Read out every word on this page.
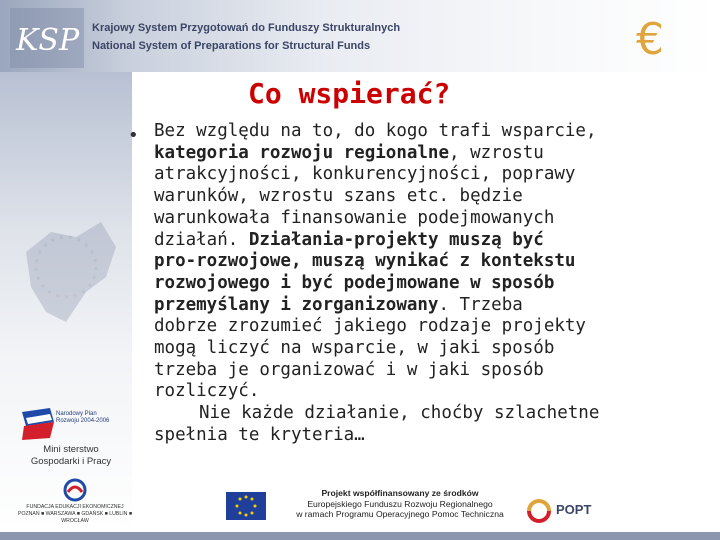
KSP Krajowy System Przygotowań do Funduszy Strukturalnych
National System of Preparations for Structural Funds	€
Narodowy Plan
Rozwoju 2004-2006
Mini sterstwo
Gospodarki i Pracy
FUNDACJA EDUKACJI EKONOMICZNEJ
POZNAŃ ■ WARSZAWA ■ GDAŃSK ■ LUBLIN ■ WROCŁAW
Co wspierać?
• Bez względu na to, do kogo trafi wsparcie,
kategoria rozwoju regionalne, wzrostu
atrakcyjności, konkurencyjności, poprawy
warunków, wzrostu szans etc. będzie
warunkowała finansowanie podejmowanych
działań. Działania-projekty muszą być
pro-rozwojowe, muszą wynikać z kontekstu
rozwojowego i być podejmowane w sposób
przemyślany i zorganizowany. Trzeba
dobrze zrozumieć jakiego rodzaje projekty
mogą liczyć na wsparcie, w jaki sposób
trzeba je organizować i w jaki sposób
rozliczyć.
Nie każde działanie, choćby szlachetne
spełnia te kryteria…
Projekt współfinansowany ze środków
Europejskiego Funduszu Rozwoju Regionalnego
w ramach Programu Operacyjnego Pomoc Techniczna	POPT
